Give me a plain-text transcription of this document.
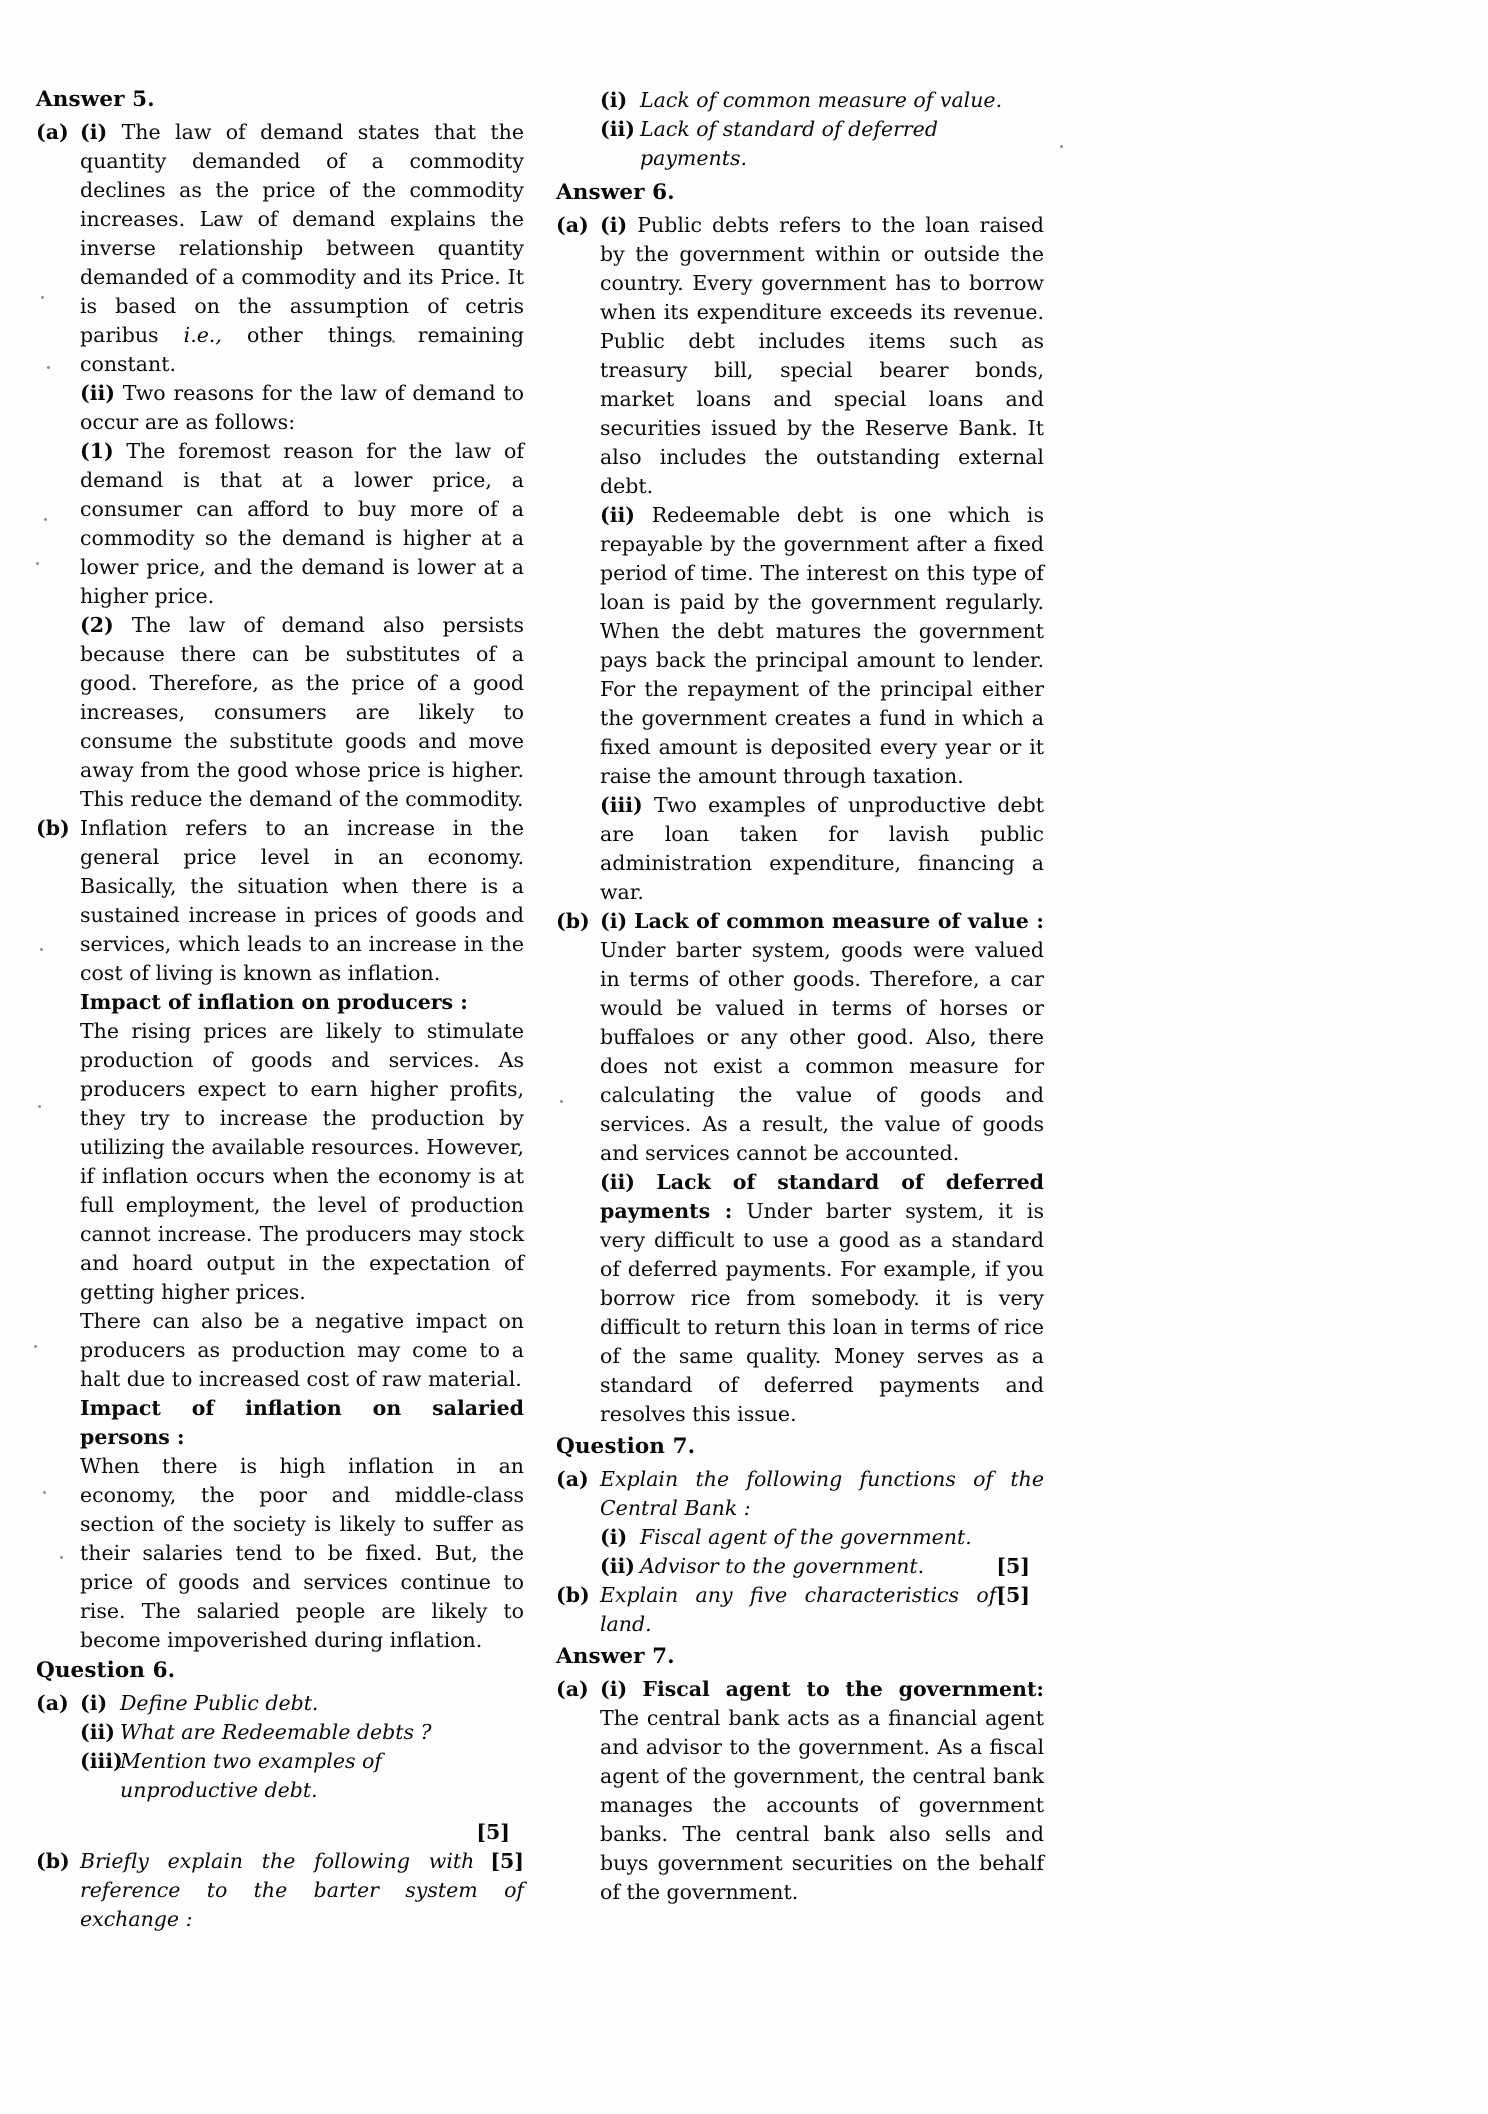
Answer 5.
(a) (i) The law of demand states that the quantity demanded of a commodity declines as the price of the commodity increases. Law of demand explains the inverse relationship between quantity demanded of a commodity and its Price. It is based on the assumption of cetris paribus i.e., other things remaining constant.

(ii) Two reasons for the law of demand to occur are as follows:

(1) The foremost reason for the law of demand is that at a lower price, a consumer can afford to buy more of a commodity so the demand is higher at a lower price, and the demand is lower at a higher price.

(2) The law of demand also persists because there can be substitutes of a good. Therefore, as the price of a good increases, consumers are likely to consume the substitute goods and move away from the good whose price is higher. This reduce the demand of the commodity.

(b) Inflation refers to an increase in the general price level in an economy. Basically, the situation when there is a sustained increase in prices of goods and services, which leads to an increase in the cost of living is known as inflation.

Impact of inflation on producers :

The rising prices are likely to stimulate production of goods and services. As producers expect to earn higher profits, they try to increase the production by utilizing the available resources. However, if inflation occurs when the economy is at full employment, the level of production cannot increase. The producers may stock and hoard output in the expectation of getting higher prices.

There can also be a negative impact on producers as production may come to a halt due to increased cost of raw material.

Impact of inflation on salaried persons :

When there is high inflation in an economy, the poor and middle-class section of the society is likely to suffer as their salaries tend to be fixed. But, the price of goods and services continue to rise. The salaried people are likely to become impoverished during inflation.

Question 6.
(a) (i) Define Public debt.
(ii) What are Redeemable debts ?
(iii)
Mention two examples of unproductive debt.
[5]
(b)	[5]
Briefly explain the following with reference to the barter system of exchange :

(i) Lack of common measure of value.
(ii) Lack of standard of deferred payments.
Answer 6.
(a) (i) Public debts refers to the loan raised by the government within or outside the country. Every government has to borrow when its expenditure exceeds its revenue. Public debt includes items such as treasury bill, special bearer bonds, market loans and special loans and securities issued by the Reserve Bank. It also includes the outstanding external debt.

(ii) Redeemable debt is one which is repayable by the government after a fixed period of time. The interest on this type of loan is paid by the government regularly. When the debt matures the government pays back the principal amount to lender. For the repayment of the principal either the government creates a fund in which a fixed amount is deposited every year or it raise the amount through taxation.

(iii) Two examples of unproductive debt are loan taken for lavish public administration expenditure, financing a war.

(b) (i) Lack of common measure of value : Under barter system, goods were valued in terms of other goods. Therefore, a car would be valued in terms of horses or buffaloes or any other good. Also, there does not exist a common measure for calculating the value of goods and services. As a result, the value of goods and services cannot be accounted.

(ii) Lack of standard of deferred payments : Under barter system, it is very difficult to use a good as a standard of deferred payments. For example, if you borrow rice from somebody. it is very difficult to return this loan in terms of rice of the same quality. Money serves as a standard of deferred payments and resolves this issue.

Question 7.
(a) Explain the following functions of the Central Bank :

(i) Fiscal agent of the government.
(ii) Advisor to the government.	[5]
(b) Explain any five characteristics of land.
[5]
Answer 7.
(a) (i) Fiscal agent to the government: The central bank acts as a financial agent and advisor to the government. As a fiscal agent of the government, the central bank manages the accounts of government banks. The central bank also sells and buys government securities on the behalf of the government.
